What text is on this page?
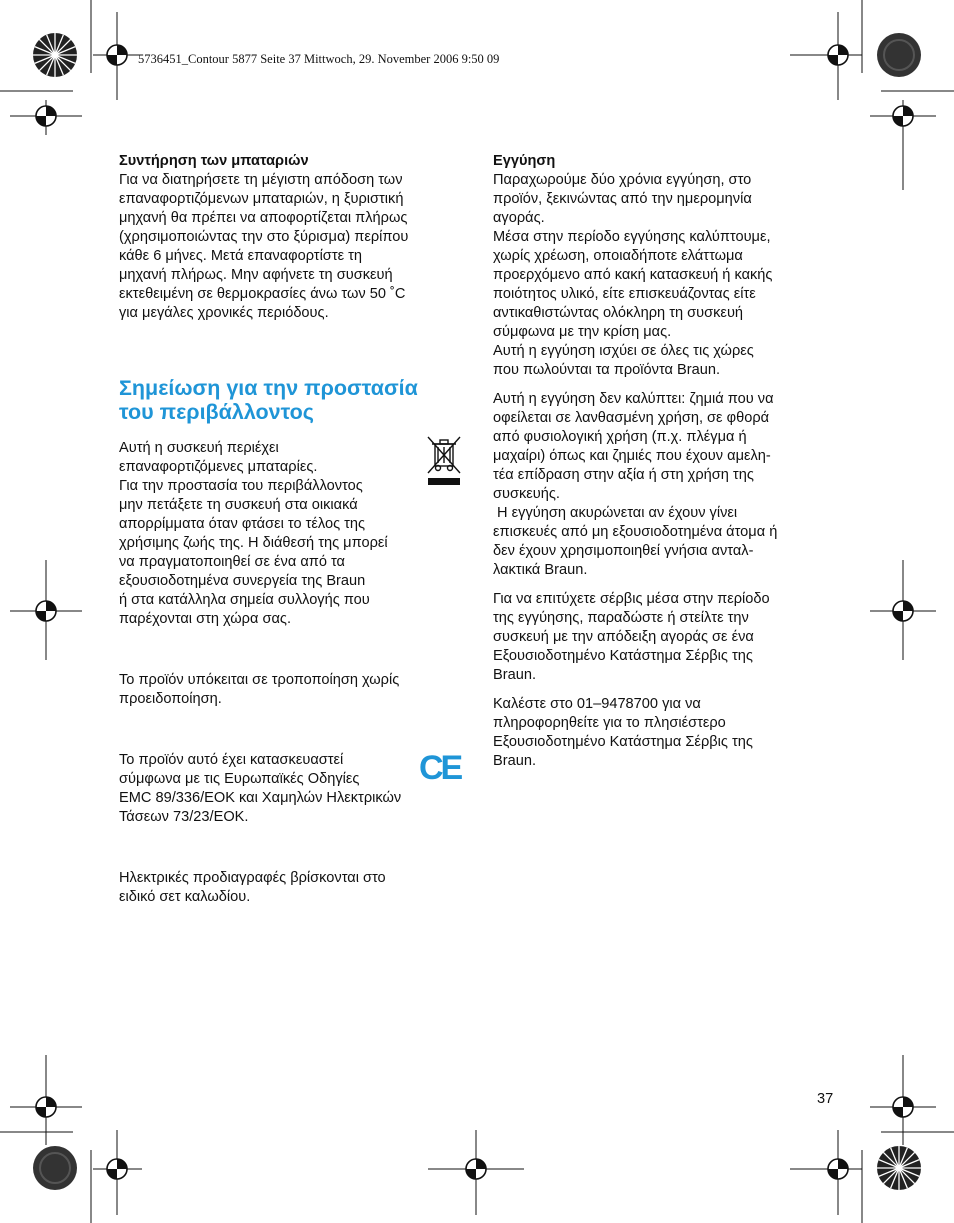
5736451_Contour 5877 Seite 37 Mittwoch, 29. November 2006 9:50 09

Συντήρηση των μπαταριών

Για να διατηρήσετε τη μέγιστη απόδοση των
επαναφορτιζόμενων μπαταριών, η ξυριστική
μηχανή θα πρέπει να αποφορτίζεται πλήρως
(χρησιμοποιώντας την στο ξύρισμα) περίπου
κάθε 6 μήνες. Μετά επαναφορτίστε τη
μηχανή πλήρως. Μην αφήνετε τη συσκευή
εκτεθειμένη σε θερμοκρασίες άνω των 50 ˚C
για μεγάλες χρονικές περιόδους.
Σημείωση για την προστασία
του περιβάλλοντος
Αυτή η συσκευή περιέχει
επαναφορτιζόμενες μπαταρίες.
Για την προστασία του περιβάλλοντος
μην πετάξετε τη συσκευή στα οικιακά
απορρίμματα όταν φτάσει το τέλος της
χρήσιμης ζωής της. Η διάθεσή της μπορεί
να πραγματοποιηθεί σε ένα από τα
εξουσιοδοτημένα συνεργεία της Braun
ή στα κατάλληλα σημεία συλλογής που
παρέχονται στη χώρα σας.
Το προϊόν υπόκειται σε τροποποίηση χωρίς
προειδοποίηση.
Το προϊόν αυτό έχει κατασκευαστεί
σύμφωνα με τις Ευρωπαϊκές Οδηγίες
EMC 89/336/ΕΟΚ και Χαμηλών Ηλεκτρικών
Τάσεων 73/23/ΕΟΚ.
CE
Ηλεκτρικές προδιαγραφές βρίσκονται στο
ειδικό σετ καλωδίου.

Εγγύηση

Παραχωρούμε δύο χρόνια εγγύηση, στο
προϊόν, ξεκινώντας από την ημερομηνία
αγοράς.
Μέσα στην περίοδο εγγύησης καλύπτουμε,
χωρίς χρέωση, οποιαδήποτε ελάττωμα
προερχόμενο από κακή κατασκευή ή κακής
ποιότητος υλικό, είτε επισκευάζοντας είτε
αντικαθιστώντας ολόκληρη τη συσκευή
σύμφωνα με την κρίση μας.
Αυτή η εγγύηση ισχύει σε όλες τις χώρες
που πωλούνται τα προϊόντα Braun.
Αυτή η εγγύηση δεν καλύπτει: ζημιά που να
οφείλεται σε λανθασμένη χρήση, σε φθορά
από φυσιολογική χρήση (π.χ. πλέγμα ή
μαχαίρι) όπως και ζημιές που έχουν αμελη-
τέα επίδραση στην αξία ή στη χρήση της
συσκευής.
Η εγγύηση ακυρώνεται αν έχουν γίνει
επισκευές από μη εξουσιοδοτημένα άτομα ή
δεν έχουν χρησιμοποιηθεί γνήσια ανταλ-
λακτικά Braun.
Για να επιτύχετε σέρβις μέσα στην περίοδο
της εγγύησης, παραδώστε ή στείλτε την
συσκευή με την απόδειξη αγοράς σε ένα
Εξουσιοδοτημένο Κατάστημα Σέρβις της
Braun.
Καλέστε στο 01–9478700 για να
πληροφορηθείτε για το πλησιέστερο
Εξουσιοδοτημένο Κατάστημα Σέρβις της
Braun.
37
